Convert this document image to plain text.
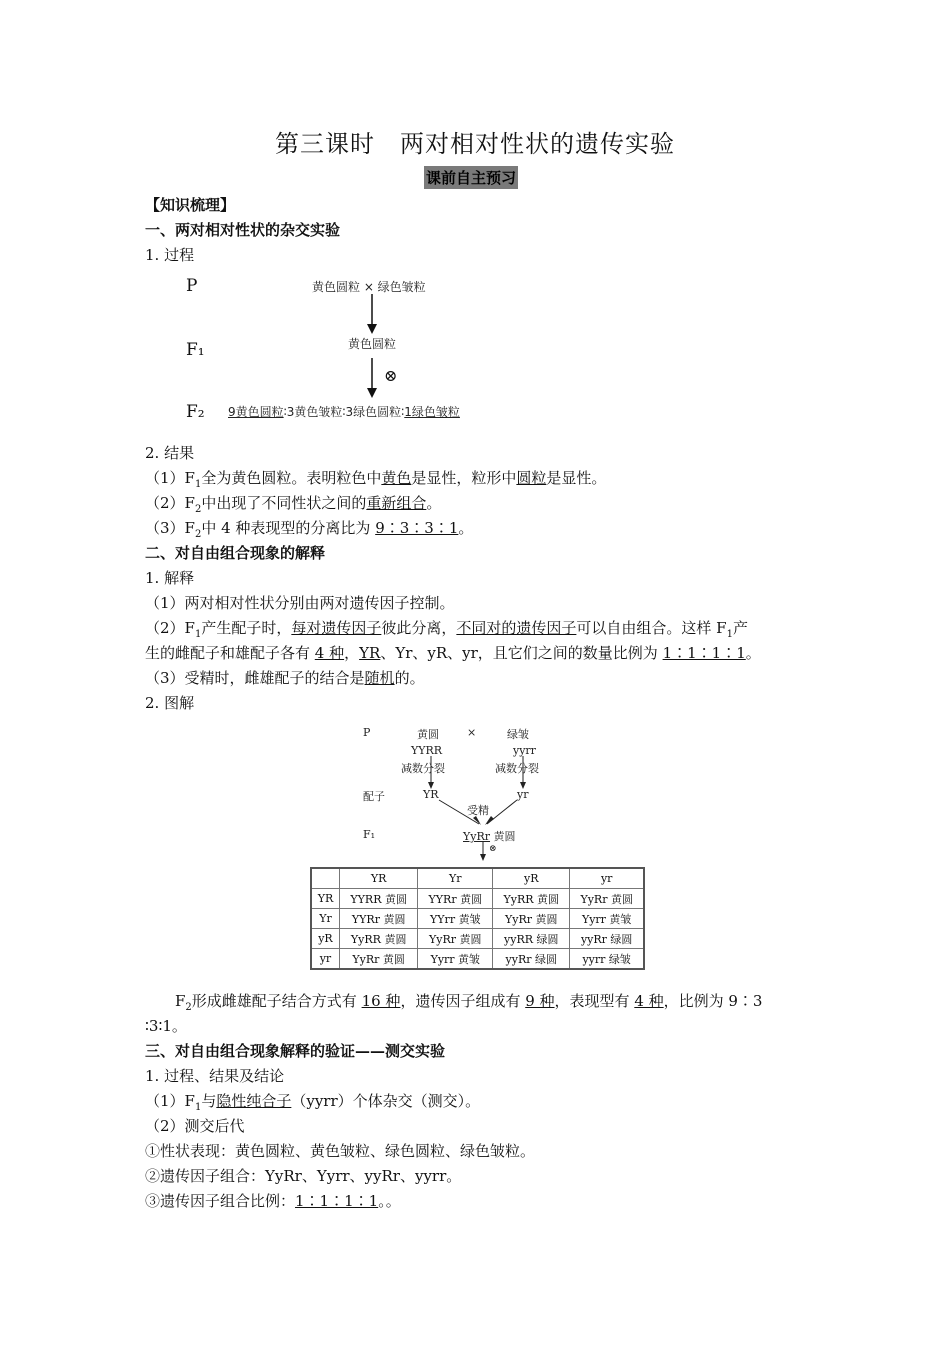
第三课时　两对相对性状的遗传实验
课前自主预习
【知识梳理】
一、两对相对性状的杂交实验
1. 过程
P
F₁
F₂
黄色圆粒 × 绿色皱粒
黄色圆粒
⊗
9黄色圆粒∶3黄色皱粒∶3绿色圆粒∶1绿色皱粒
2. 结果
$(1)F_1$全为黄色圆粒。表明粒色中黄色是显性，粒形中圆粒是显性。
$(2)F_2$中出现了不同性状之间的重新组合。
$(3)F_2$中 4 种表现型的分离比为 9∶3∶3∶1。
二、对自由组合现象的解释
1. 解释
（1）两对相对性状分别由两对遗传因子控制。
$(2)F_1$产生配子时，每对遗传因子彼此分离，不同对的遗传因子可以自由组合。这样 $F_1$产
生的雌配子和雄配子各有 4 种，YR、Yr、yR、yr，且它们之间的数量比例为 1∶1∶1∶1。
（3）受精时，雌雄配子的结合是随机的。
2. 图解
P	黄圆	×	绿皱
YYRR	yyrr
减数分裂	减数分裂
配子	YR	yr
受精
F₁	YyRr 黄圆
⊗
	YR	Yr	yR	yr
YR	YYRR 黄圆	YYRr 黄圆	YyRR 黄圆	YyRr 黄圆
Yr	YYRr 黄圆	YYrr 黄皱	YyRr 黄圆	Yyrr 黄皱
yR	YyRR 黄圆	YyRr 黄圆	yyRR 绿圆	yyRr 绿圆
yr	YyRr 黄圆	Yyrr 黄皱	yyRr 绿圆	yyrr 绿皱
$F_2$形成雌雄配子结合方式有 16 种，遗传因子组成有 9 种，表现型有 4 种，比例为 9∶3
∶3∶1。
三、对自由组合现象解释的验证——测交实验
1. 过程、结果及结论
$(1)F_1$与隐性纯合子（yyrr）个体杂交（测交）。
（2）测交后代
①性状表现：黄色圆粒、黄色皱粒、绿色圆粒、绿色皱粒。
②遗传因子组合：YyRr、Yyrr、yyRr、yyrr。
③遗传因子组合比例：1∶1∶1∶1。。
